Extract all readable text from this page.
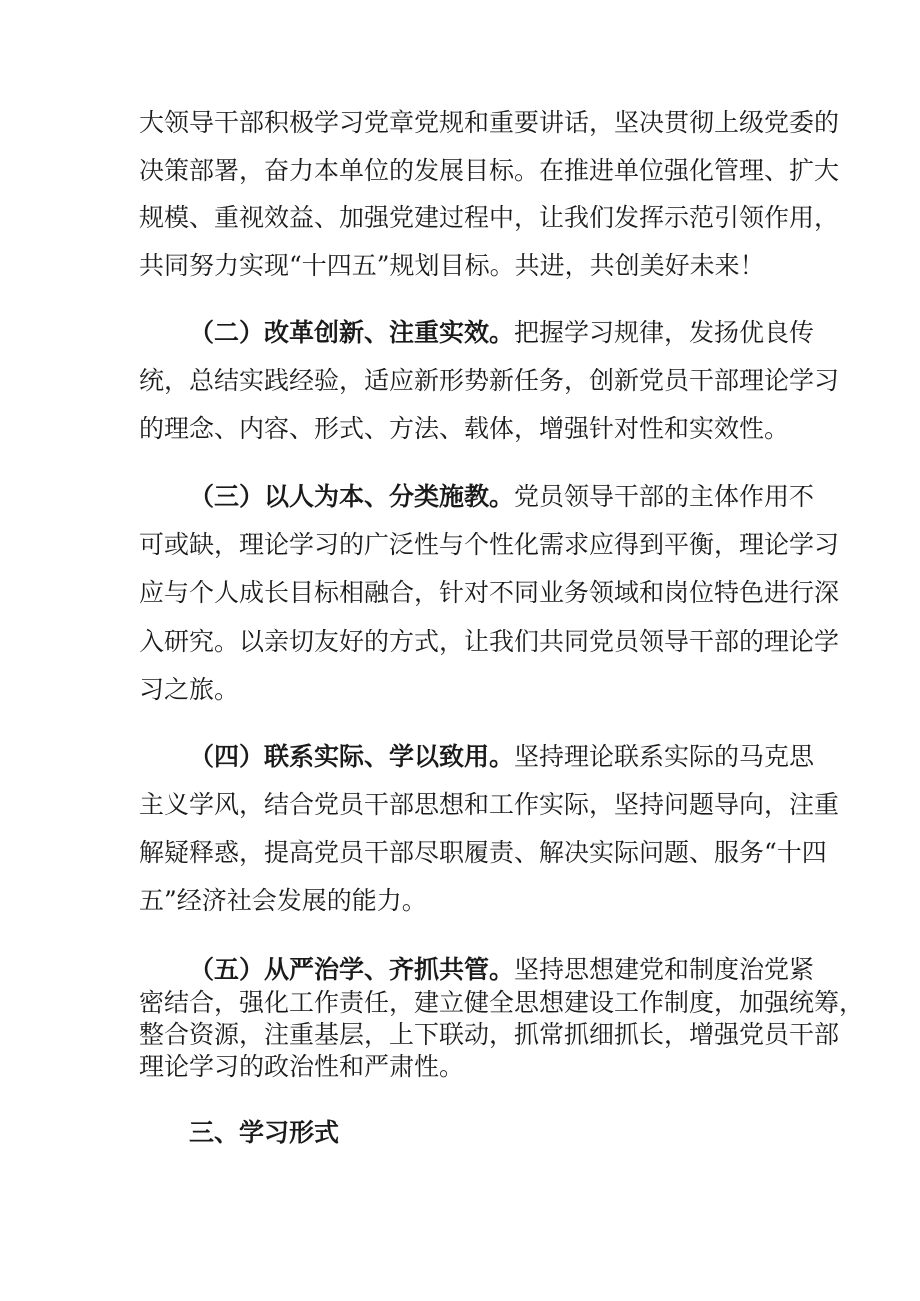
大领导干部积极学习党章党规和重要讲话，坚决贯彻上级党委的
决策部署，奋力本单位的发展目标。在推进单位强化管理、扩大
规模、重视效益、加强党建过程中，让我们发挥示范引领作用，
共同努力实现“十四五”规划目标。共进，共创美好未来！
（二）改革创新、注重实效。把握学习规律，发扬优良传
统，总结实践经验，适应新形势新任务，创新党员干部理论学习
的理念、内容、形式、方法、载体，增强针对性和实效性。
（三）以人为本、分类施教。党员领导干部的主体作用不
可或缺，理论学习的广泛性与个性化需求应得到平衡，理论学习
应与个人成长目标相融合，针对不同业务领域和岗位特色进行深
入研究。以亲切友好的方式，让我们共同党员领导干部的理论学
习之旅。
（四）联系实际、学以致用。坚持理论联系实际的马克思
主义学风，结合党员干部思想和工作实际，坚持问题导向，注重
解疑释惑，提高党员干部尽职履责、解决实际问题、服务“十四
五”经济社会发展的能力。
（五）从严治学、齐抓共管。坚持思想建党和制度治党紧
密结合，强化工作责任，建立健全思想建设工作制度，加强统筹，
整合资源，注重基层，上下联动，抓常抓细抓长，增强党员干部
理论学习的政治性和严肃性。
三、学习形式
